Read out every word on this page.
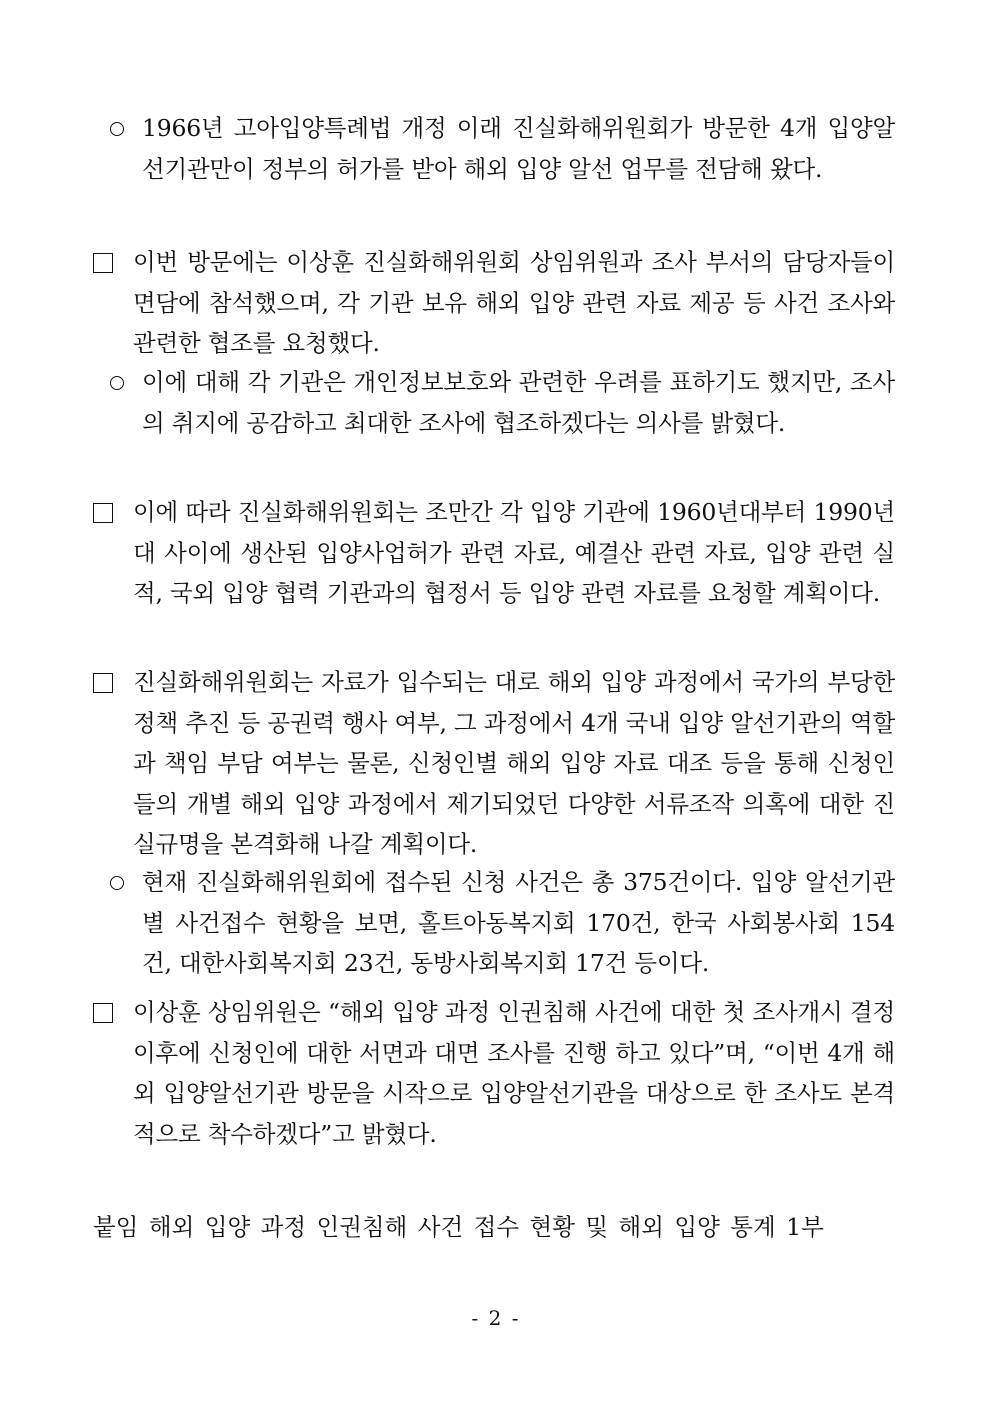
1966년 고아입양특례법 개정 이래 진실화해위원회가 방문한 4개 입양알선기관만이 정부의 허가를 받아 해외 입양 알선 업무를 전담해 왔다.
이번 방문에는 이상훈 진실화해위원회 상임위원과 조사 부서의 담당자들이 면담에 참석했으며, 각 기관 보유 해외 입양 관련 자료 제공 등 사건 조사와 관련한 협조를 요청했다.
이에 대해 각 기관은 개인정보보호와 관련한 우려를 표하기도 했지만, 조사의 취지에 공감하고 최대한 조사에 협조하겠다는 의사를 밝혔다.
이에 따라 진실화해위원회는 조만간 각 입양 기관에 1960년대부터 1990년대 사이에 생산된 입양사업허가 관련 자료, 예결산 관련 자료, 입양 관련 실적, 국외 입양 협력 기관과의 협정서 등 입양 관련 자료를 요청할 계획이다.
진실화해위원회는 자료가 입수되는 대로 해외 입양 과정에서 국가의 부당한 정책 추진 등 공권력 행사 여부, 그 과정에서 4개 국내 입양 알선기관의 역할과 책임 부담 여부는 물론, 신청인별 해외 입양 자료 대조 등을 통해 신청인들의 개별 해외 입양 과정에서 제기되었던 다양한 서류조작 의혹에 대한 진실규명을 본격화해 나갈 계획이다.
현재 진실화해위원회에 접수된 신청 사건은 총 375건이다. 입양 알선기관별 사건접수 현황을 보면, 홀트아동복지회 170건, 한국 사회봉사회 154건, 대한사회복지회 23건, 동방사회복지회 17건 등이다.
이상훈 상임위원은 “해외 입양 과정 인권침해 사건에 대한 첫 조사개시 결정 이후에 신청인에 대한 서면과 대면 조사를 진행 하고 있다”며, “이번 4개 해외 입양알선기관 방문을 시작으로 입양알선기관을 대상으로 한 조사도 본격적으로 착수하겠다”고 밝혔다.
붙임 해외 입양 과정 인권침해 사건 접수 현황 및 해외 입양 통계 1부
- 2 -
